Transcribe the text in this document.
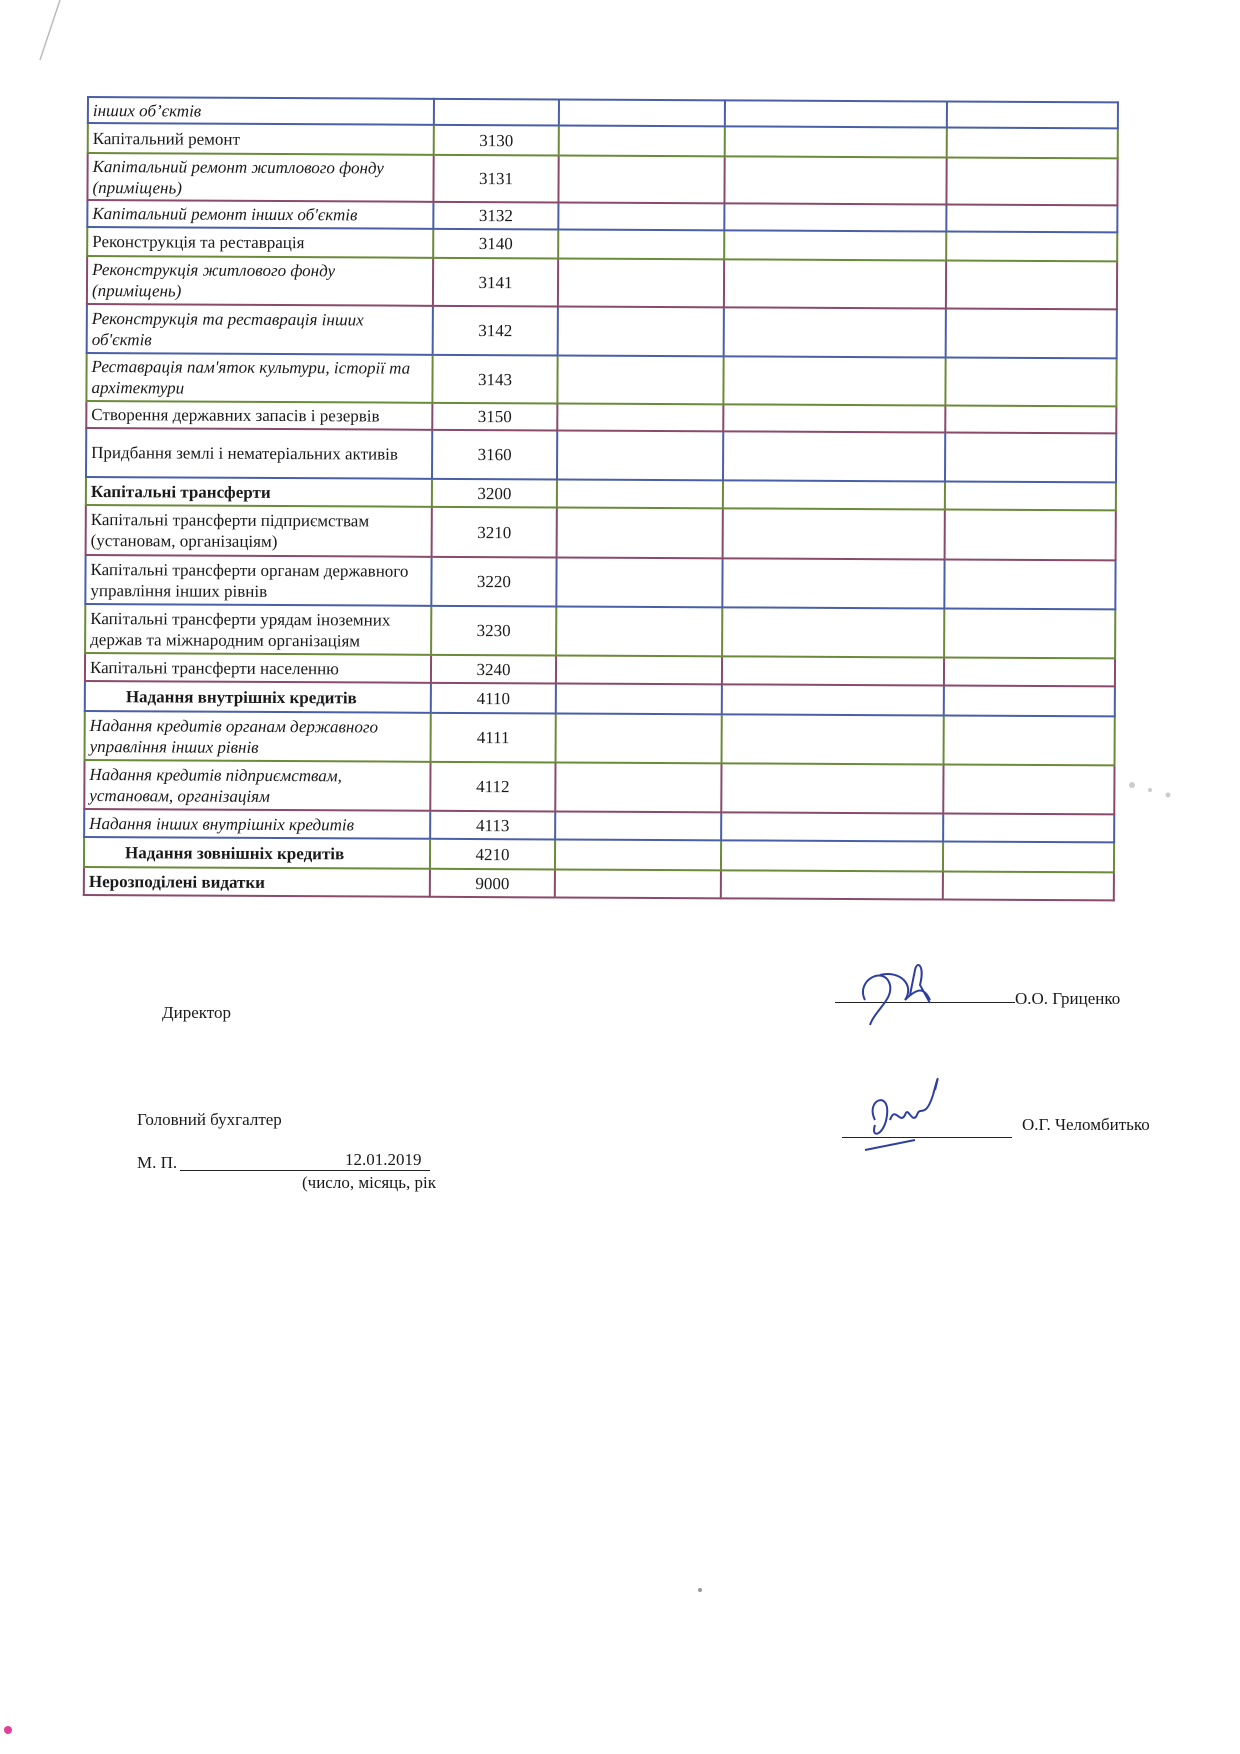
інших об’єктів				
Капітальний ремонт	3130			
Капітальний ремонт житлового фонду (приміщень)	3131			
Капітальний ремонт інших об'єктів	3132			
Реконструкція та реставрація	3140			
Реконструкція житлового фонду (приміщень)	3141			
Реконструкція та реставрація інших об'єктів	3142			
Реставрація пам'яток культури, історії та архітектури	3143			
Створення державних запасів і резервів	3150			
Придбання землі і нематеріальних активів	3160			
Капітальні трансферти	3200			
Капітальні трансферти підприємствам (установам, організаціям)	3210			
Капітальні трансферти органам державного управління інших рівнів	3220			
Капітальні трансферти урядам іноземних держав та міжнародним організаціям	3230			
Капітальні трансферти населенню	3240			
Надання внутрішніх кредитів	4110			
Надання кредитів органам державного управління інших рівнів	4111			
Надання кредитів підприємствам, установам, організаціям	4112			
Надання інших внутрішніх кредитів	4113			
Надання зовнішніх кредитів	4210			
Нерозподілені видатки	9000			
Директор
О.О. Гриценко
Головний бухгалтер	О.Г. Челомбитько
М. П.	12.01.2019
(число, місяць, рік
